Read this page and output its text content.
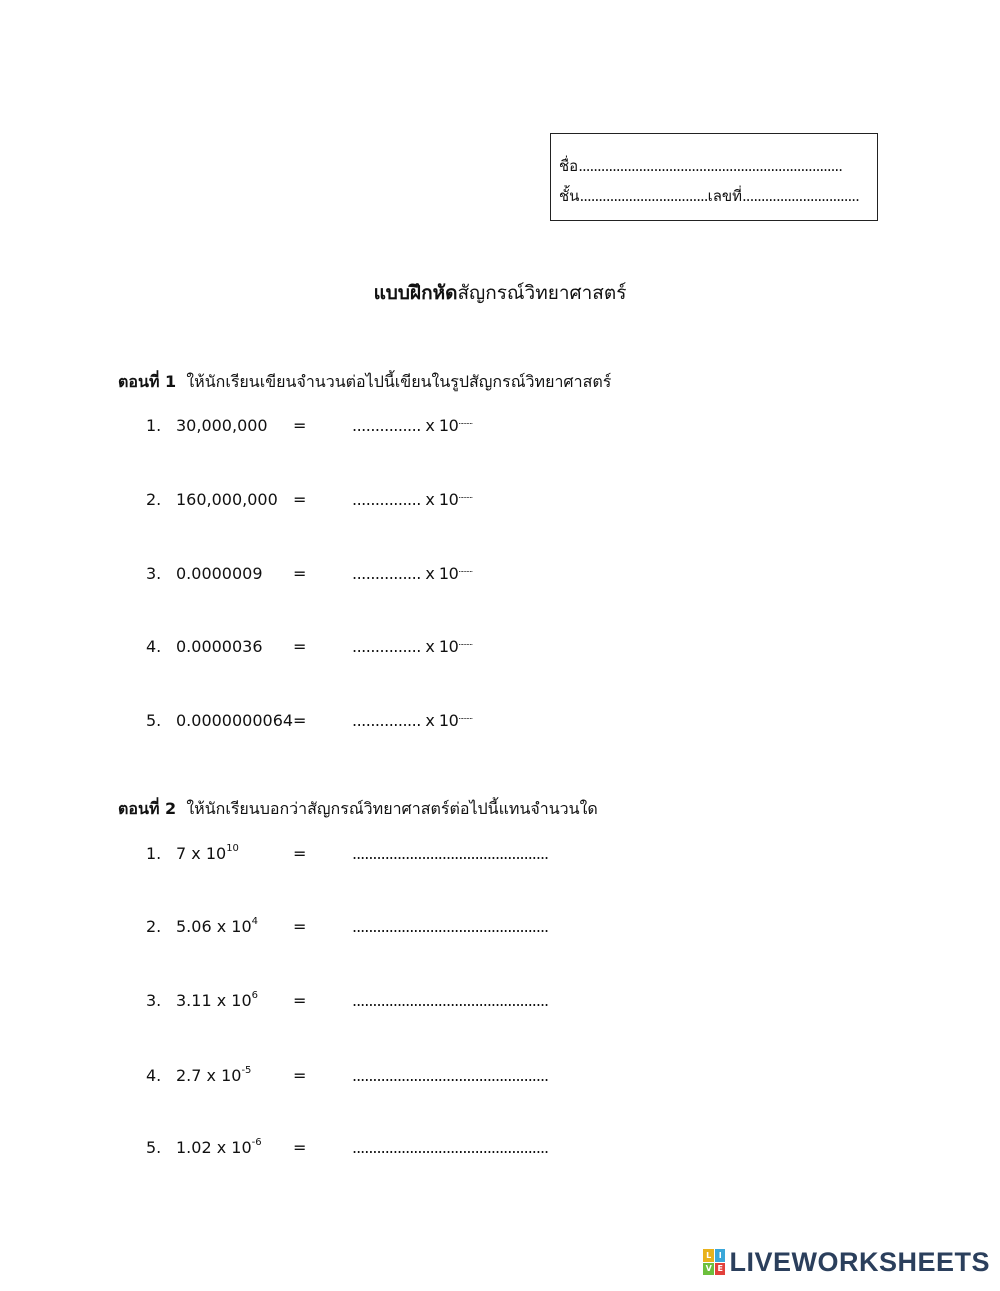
ชื่อ......................................................................
ชั้น..................................เลขที่...............................
แบบฝึกหัดสัญกรณ์วิทยาศาสตร์
ตอนที่ 1 ให้นักเรียนเขียนจำนวนต่อไปนี้เขียนในรูปสัญกรณ์วิทยาศาสตร์
1. 30,000,000 =	............... x 10.........
2. 160,000,000 =	............... x 10.........
3. 0.0000009 =	............... x 10.........
4. 0.0000036 =	............... x 10.........
5. 0.0000000064 =	............... x 10.........
ตอนที่ 2 ให้นักเรียนบอกว่าสัญกรณ์วิทยาศาสตร์ต่อไปนี้แทนจำนวนใด
1. 7 x $10^{10}$	=	................................................
2. 5.06 x $10^4$ =	................................................
3. 3.11 x $10^6$ =	................................................
4. 2.7 x $10^{-5}$	=	................................................
5. 1.02 x $10^{-6}$ =	................................................
L I
V E LIVEWORKSHEETS
